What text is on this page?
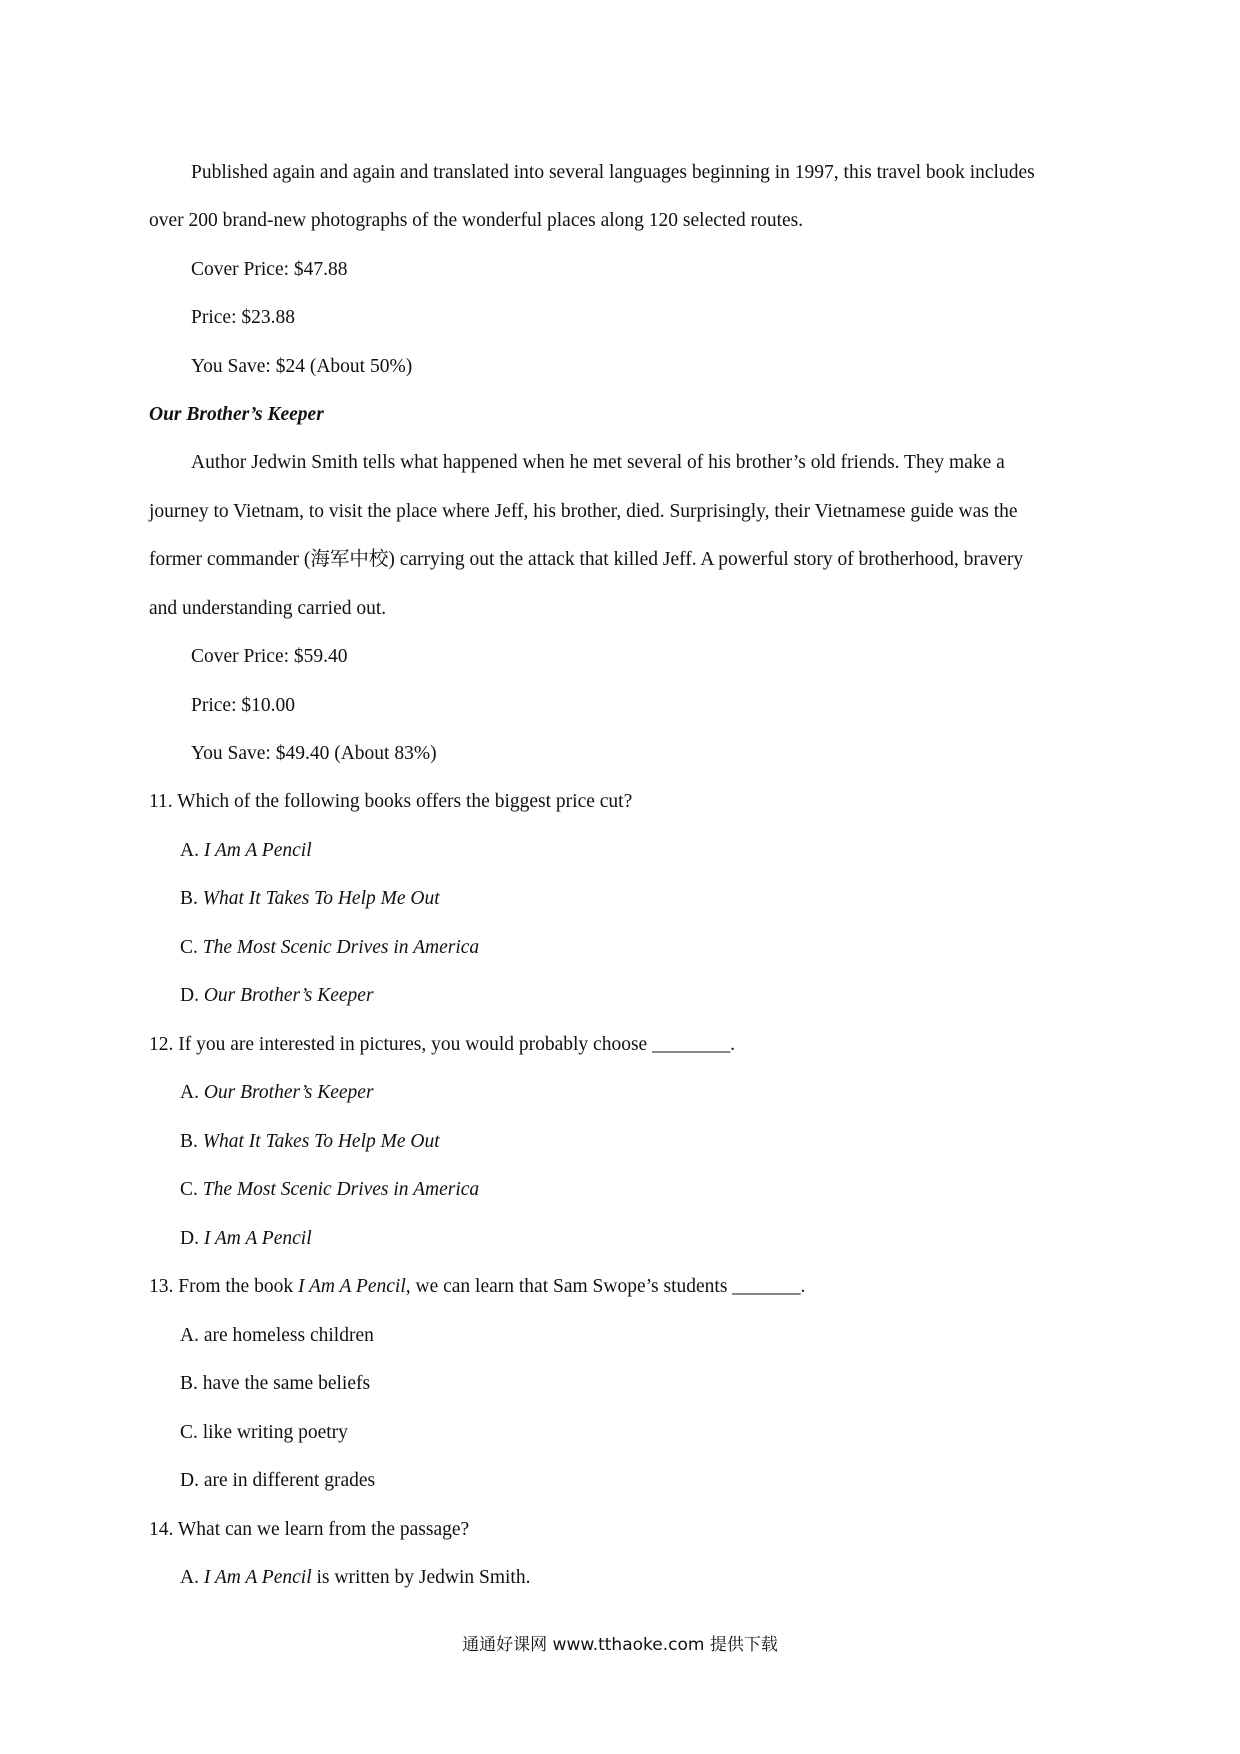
Published again and again and translated into several languages beginning in 1997, this travel book includes
over 200 brand-new photographs of the wonderful places along 120 selected routes.
Cover Price: $47.88
Price: $23.88
You Save: $24 (About 50%)
Our Brother’s Keeper
Author Jedwin Smith tells what happened when he met several of his brother’s old friends. They make a
journey to Vietnam, to visit the place where Jeff, his brother, died. Surprisingly, their Vietnamese guide was the
former commander (海军中校) carrying out the attack that killed Jeff. A powerful story of brotherhood, bravery
and understanding carried out.
Cover Price: $59.40
Price: $10.00
You Save: $49.40 (About 83%)
11. Which of the following books offers the biggest price cut?
A. I Am A Pencil
B. What It Takes To Help Me Out
C. The Most Scenic Drives in America
D. Our Brother’s Keeper
12. If you are interested in pictures, you would probably choose ________.
A. Our Brother’s Keeper
B. What It Takes To Help Me Out
C. The Most Scenic Drives in America
D. I Am A Pencil
13. From the book I Am A Pencil, we can learn that Sam Swope’s students _______.
A. are homeless children
B. have the same beliefs
C. like writing poetry
D. are in different grades
14. What can we learn from the passage?
A. I Am A Pencil is written by Jedwin Smith.
通通好课网 www.tthaoke.com 提供下载
